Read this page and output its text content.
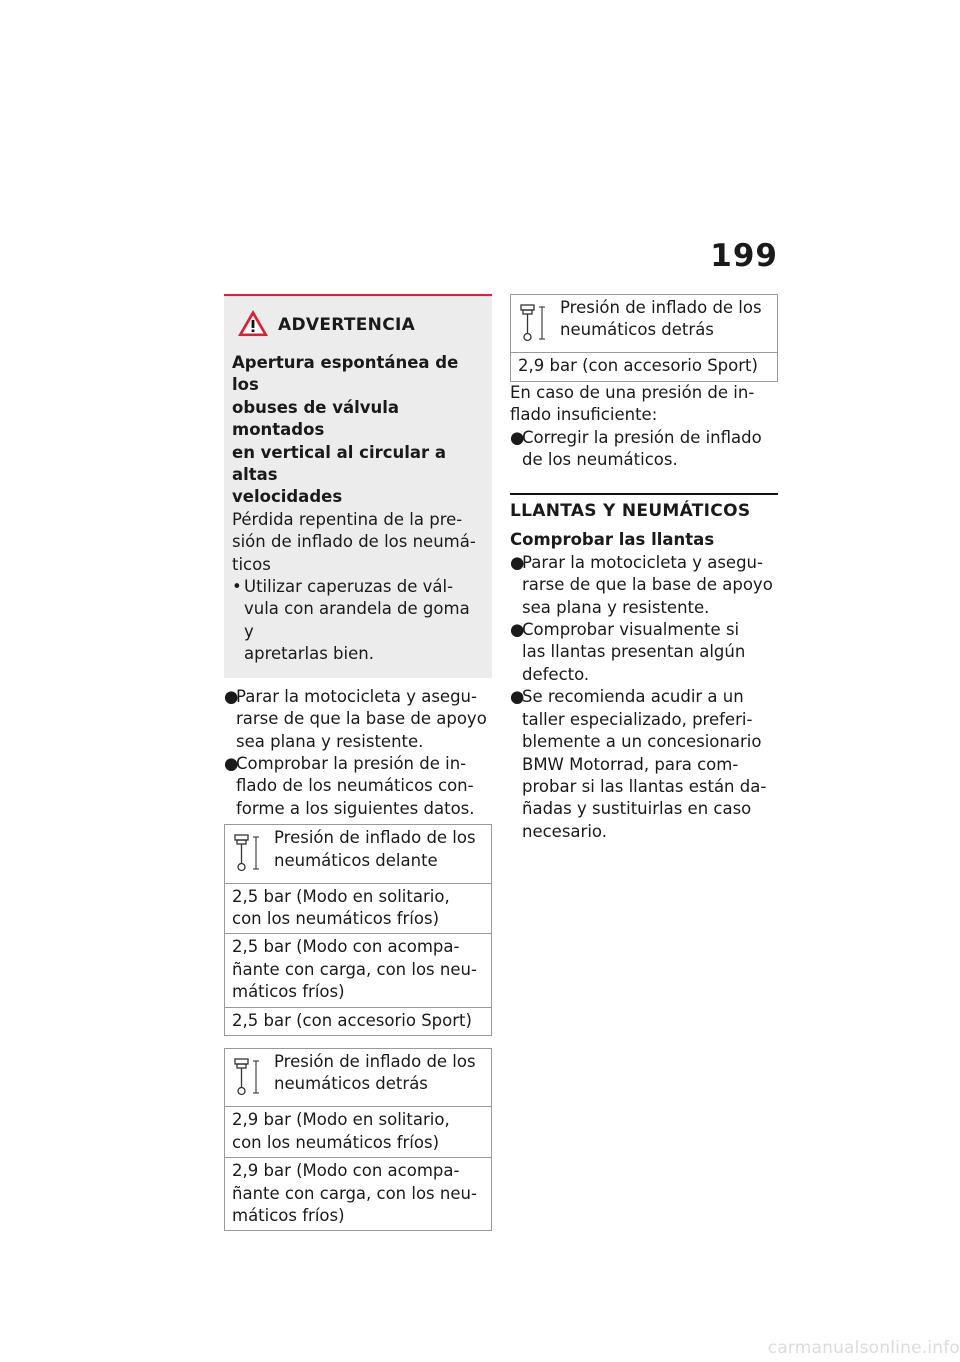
199
ADVERTENCIA
Apertura espontánea de los
obuses de válvula montados
en vertical al circular a altas
velocidades
Pérdida repentina de la pre-
sión de inflado de los neumá-
ticos
• Utilizar caperuzas de vál-
vula con arandela de goma y
apretarlas bien.
●
Parar la motocicleta y asegu-
rarse de que la base de apoyo
sea plana y resistente.
●
Comprobar la presión de in-
flado de los neumáticos con-
forme a los siguientes datos.
Presión de inflado de los
neumáticos delante

2,5 bar (Modo en solitario,
con los neumáticos fríos)

2,5 bar (Modo con acompa-
ñante con carga, con los neu-
máticos fríos)

2,5 bar (con accesorio Sport)
Presión de inflado de los
neumáticos detrás

2,9 bar (Modo en solitario,
con los neumáticos fríos)

2,9 bar (Modo con acompa-
ñante con carga, con los neu-
máticos fríos)
Presión de inflado de los
neumáticos detrás

2,9 bar (con accesorio Sport)
En caso de una presión de in-
flado insuficiente:
●
Corregir la presión de inflado
de los neumáticos.
LLANTAS Y NEUMÁTICOS
Comprobar las llantas
●
Parar la motocicleta y asegu-
rarse de que la base de apoyo
sea plana y resistente.
●
Comprobar visualmente si
las llantas presentan algún
defecto.
●
Se recomienda acudir a un
taller especializado, preferi-
blemente a un concesionario
BMW Motorrad, para com-
probar si las llantas están da-
ñadas y sustituirlas en caso
necesario.
carmanualsonline.info
